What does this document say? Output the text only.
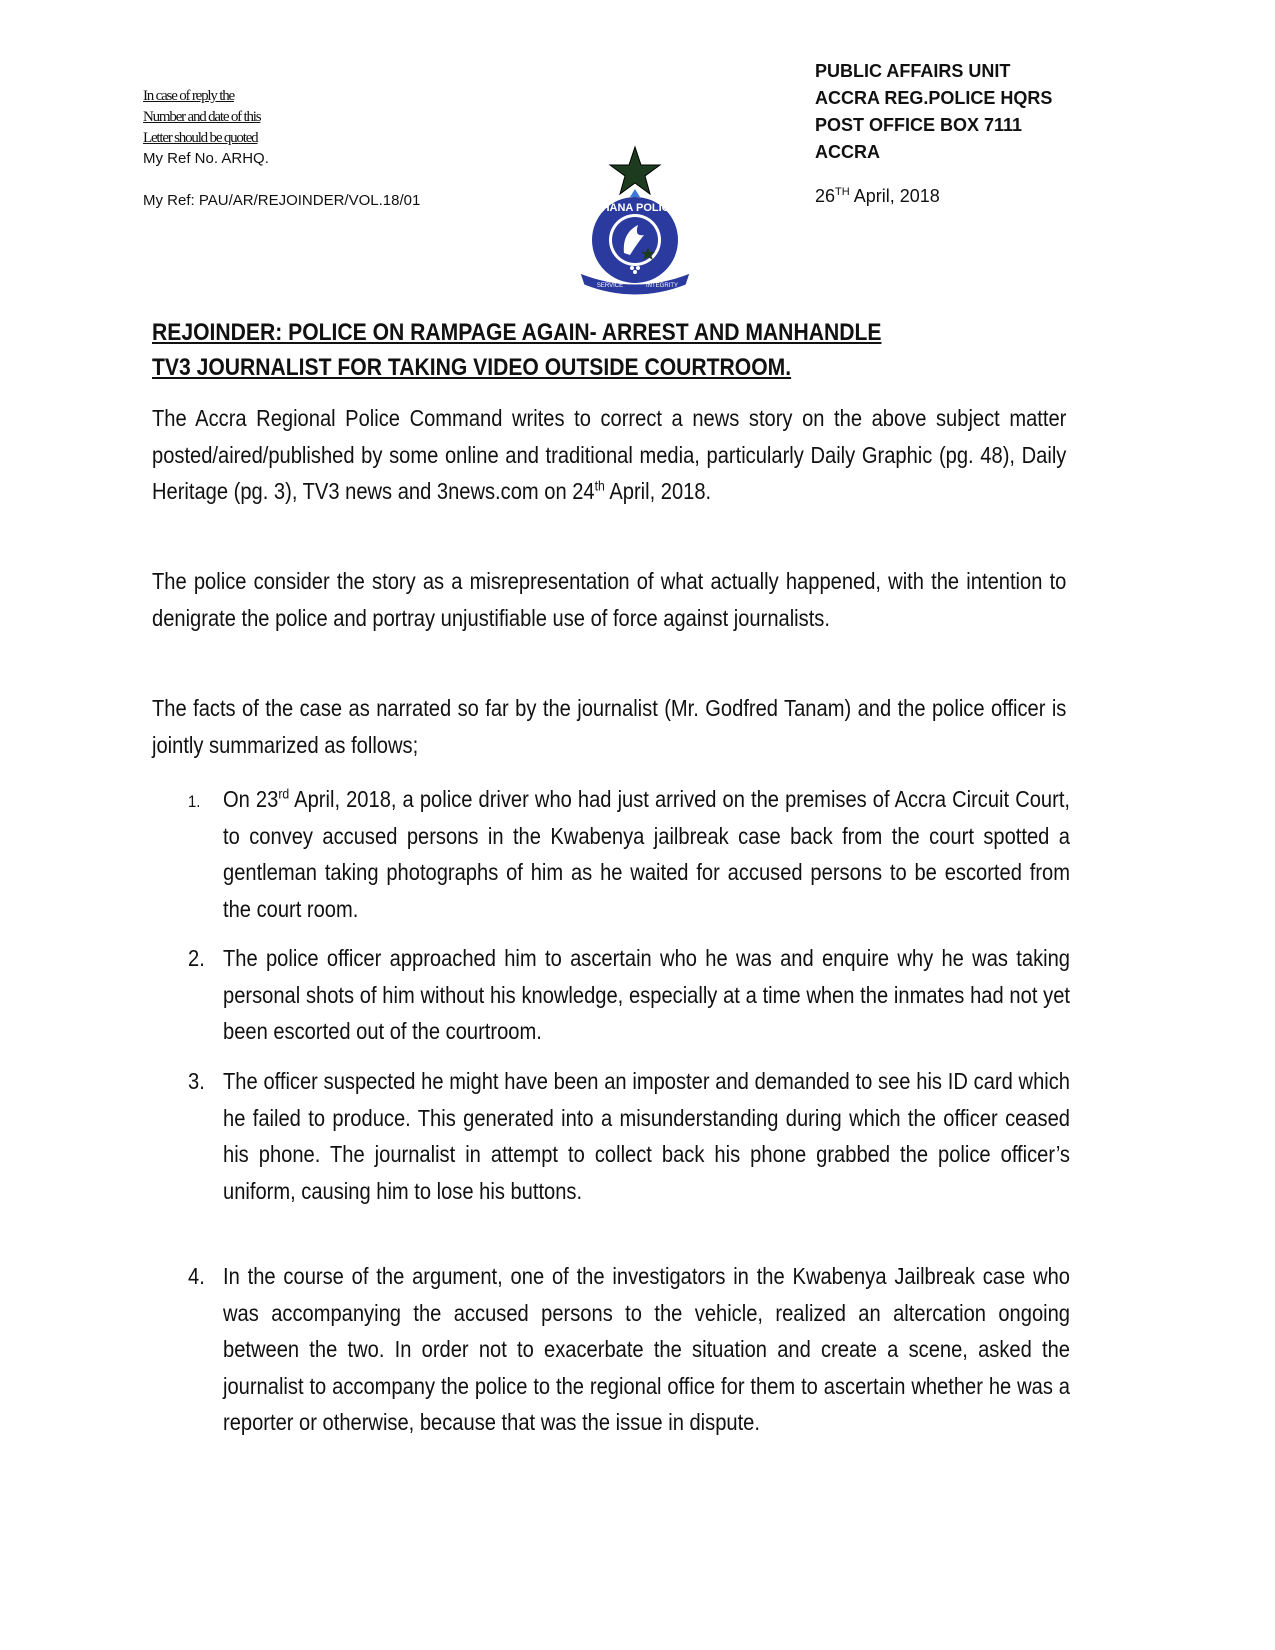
In case of reply the
Number and date of this
Letter should be quoted
My Ref No. ARHQ.
My Ref: PAU/AR/REJOINDER/VOL.18/01	GHANA POLICE
SERVICE	INTEGRITY
PUBLIC AFFAIRS UNIT
ACCRA REG.POLICE HQRS
POST OFFICE BOX 7111
ACCRA
26TH April, 2018
REJOINDER: POLICE ON RAMPAGE AGAIN- ARREST AND MANHANDLE
TV3 JOURNALIST FOR TAKING VIDEO OUTSIDE COURTROOM.
The Accra Regional Police Command writes to correct a news story on the above subject matter posted/aired/published by some online and traditional media, particularly Daily Graphic (pg. 48), Daily Heritage (pg. 3), TV3 news and 3news.com on 24th April, 2018.
The police consider the story as a misrepresentation of what actually happened, with the intention to denigrate the police and portray unjustifiable use of force against journalists.
The facts of the case as narrated so far by the journalist (Mr. Godfred Tanam) and the police officer is jointly summarized as follows;
1. On 23rd April, 2018, a police driver who had just arrived on the premises of Accra Circuit Court, to convey accused persons in the Kwabenya jailbreak case back from the court spotted a gentleman taking photographs of him as he waited for accused persons to be escorted from the court room.
2. The police officer approached him to ascertain who he was and enquire why he was taking personal shots of him without his knowledge, especially at a time when the inmates had not yet been escorted out of the courtroom.
3. The officer suspected he might have been an imposter and demanded to see his ID card which he failed to produce. This generated into a misunderstanding during which the officer ceased his phone. The journalist in attempt to collect back his phone grabbed the police officer’s uniform, causing him to lose his buttons.
4. In the course of the argument, one of the investigators in the Kwabenya Jailbreak case who was accompanying the accused persons to the vehicle, realized an altercation ongoing between the two. In order not to exacerbate the situation and create a scene, asked the journalist to accompany the police to the regional office for them to ascertain whether he was a reporter or otherwise, because that was the issue in dispute.
